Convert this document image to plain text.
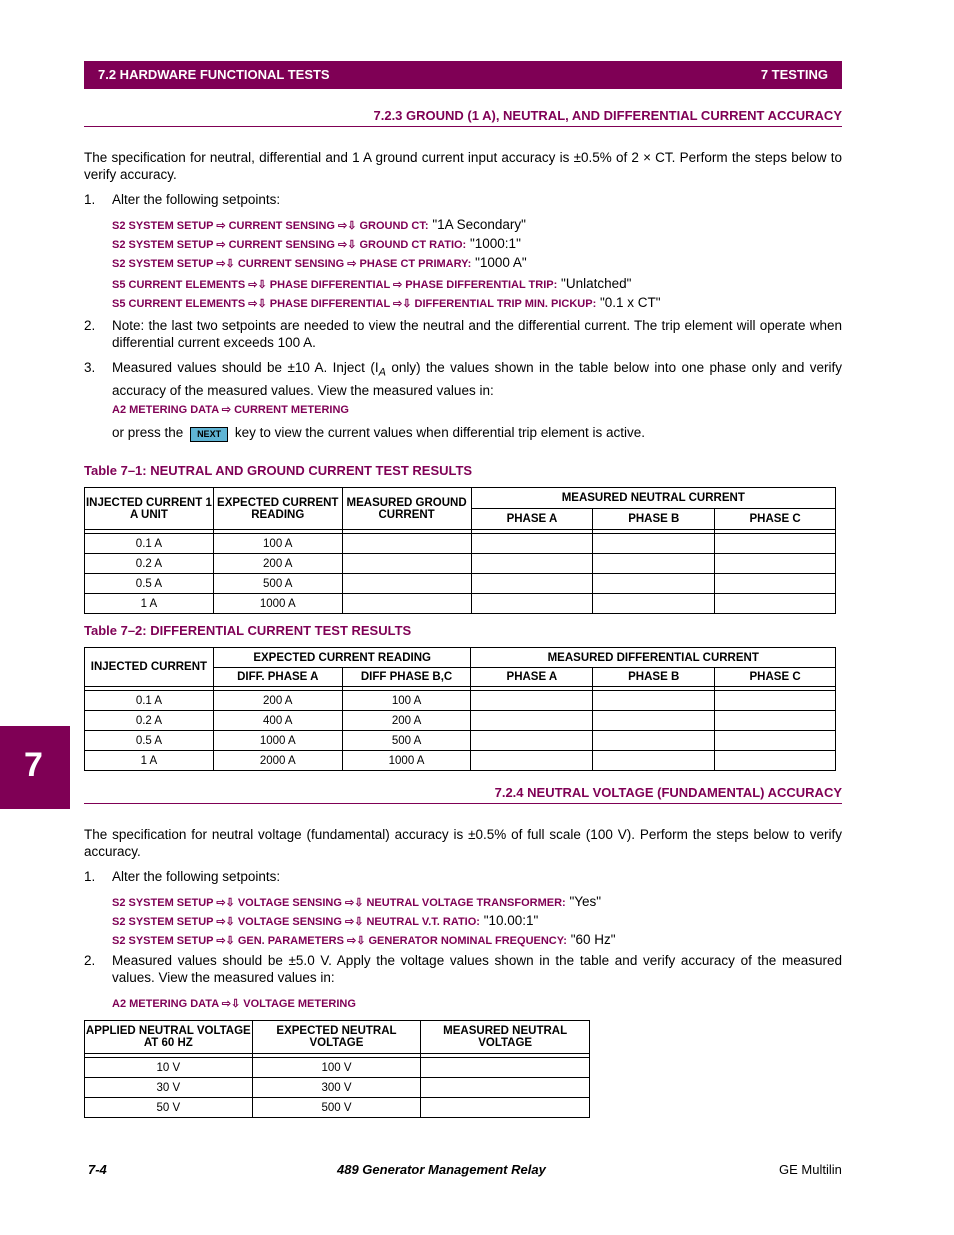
7.2 HARDWARE FUNCTIONAL TESTS	7 TESTING
7.2.3 GROUND (1 A), NEUTRAL, AND DIFFERENTIAL CURRENT ACCURACY
The specification for neutral, differential and 1 A ground current input accuracy is ±0.5% of 2 × CT. Perform the steps below to verify accuracy.
1. Alter the following setpoints:
S2 SYSTEM SETUP ⇨ CURRENT SENSING ⇨⇩ GROUND CT: "1A Secondary"
S2 SYSTEM SETUP ⇨ CURRENT SENSING ⇨⇩ GROUND CT RATIO: "1000:1"
S2 SYSTEM SETUP ⇨⇩ CURRENT SENSING ⇨ PHASE CT PRIMARY: "1000 A"
S5 CURRENT ELEMENTS ⇨⇩ PHASE DIFFERENTIAL ⇨ PHASE DIFFERENTIAL TRIP: "Unlatched"
S5 CURRENT ELEMENTS ⇨⇩ PHASE DIFFERENTIAL ⇨⇩ DIFFERENTIAL TRIP MIN. PICKUP: "0.1 x CT"
2. Note: the last two setpoints are needed to view the neutral and the differential current. The trip element will operate when differential current exceeds 100 A.
3. Measured values should be ±10 A. Inject ($I_A$ only) the values shown in the table below into one phase only and verify accuracy of the measured values. View the measured values in:
A2 METERING DATA ⇨ CURRENT METERING
or press the NEXT key to view the current values when differential trip element is active.
Table 7–1: NEUTRAL AND GROUND CURRENT TEST RESULTS
INJECTED CURRENT 1 A UNIT	EXPECTED CURRENT READING	MEASURED GROUND CURRENT	MEASURED NEUTRAL CURRENT		
			PHASE A	PHASE B	PHASE C

0.1 A	100 A				
0.2 A	200 A				
0.5 A	500 A				
1 A	1000 A				
Table 7–2: DIFFERENTIAL CURRENT TEST RESULTS
INJECTED CURRENT	EXPECTED CURRENT READING		MEASURED DIFFERENTIAL CURRENT		
	DIFF. PHASE A	DIFF PHASE B,C	PHASE A	PHASE B	PHASE C

0.1 A	200 A	100 A			
0.2 A	400 A	200 A			
0.5 A	1000 A	500 A			
1 A	2000 A	1000 A			
7
7.2.4 NEUTRAL VOLTAGE (FUNDAMENTAL) ACCURACY
The specification for neutral voltage (fundamental) accuracy is ±0.5% of full scale (100 V). Perform the steps below to verify accuracy.
1. Alter the following setpoints:
S2 SYSTEM SETUP ⇨⇩ VOLTAGE SENSING ⇨⇩ NEUTRAL VOLTAGE TRANSFORMER: "Yes"
S2 SYSTEM SETUP ⇨⇩ VOLTAGE SENSING ⇨⇩ NEUTRAL V.T. RATIO: "10.00:1"
S2 SYSTEM SETUP ⇨⇩ GEN. PARAMETERS ⇨⇩ GENERATOR NOMINAL FREQUENCY: "60 Hz"
2. Measured values should be ±5.0 V. Apply the voltage values shown in the table and verify accuracy of the measured values. View the measured values in:
A2 METERING DATA ⇨⇩ VOLTAGE METERING
APPLIED NEUTRAL VOLTAGE AT 60 HZ	EXPECTED NEUTRAL VOLTAGE	MEASURED NEUTRAL VOLTAGE

10 V	100 V	
30 V	300 V	
50 V	500 V	
7-4	489 Generator Management Relay	GE Multilin
